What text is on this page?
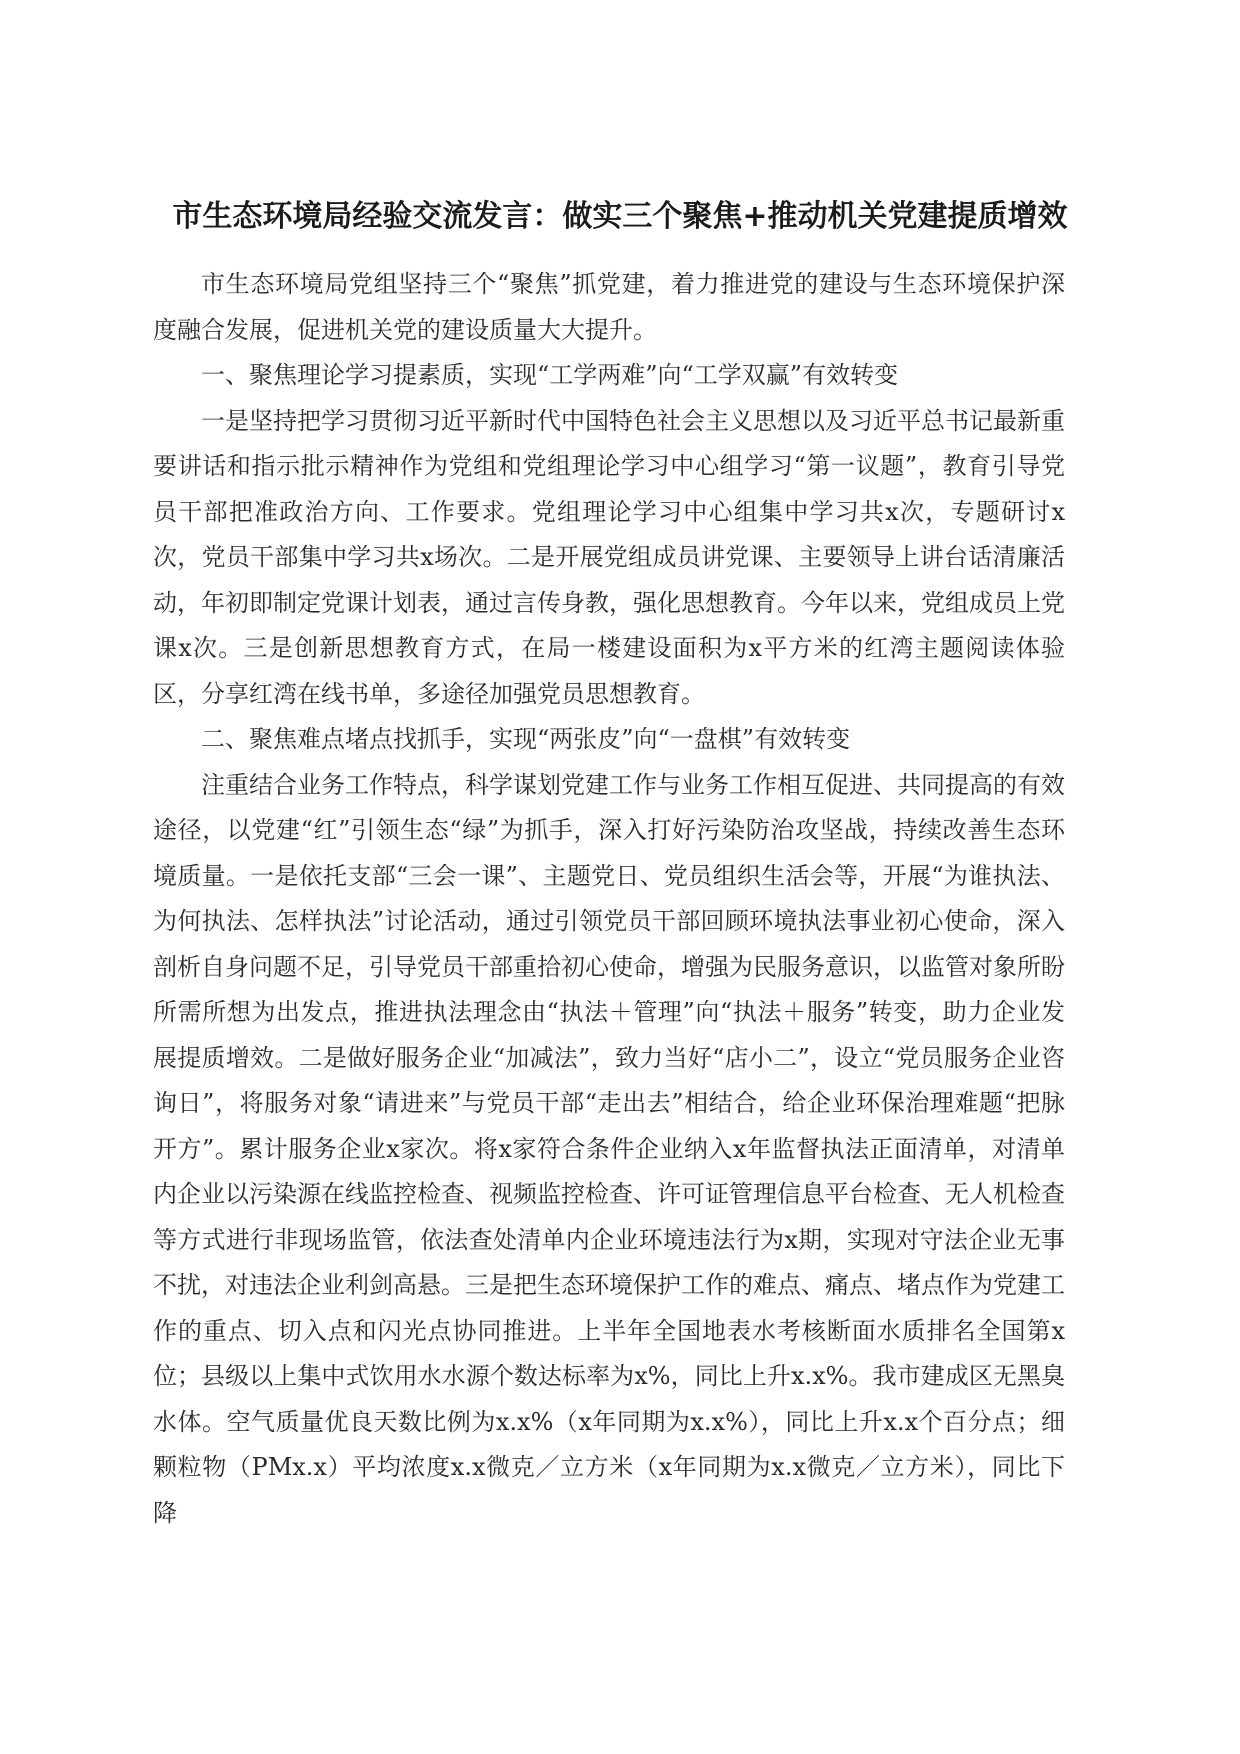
市生态环境局经验交流发言：做实三个聚焦+推动机关党建提质增效

市生态环境局党组坚持三个“聚焦”抓党建，着力推进党的建设与生态环境保护深度融合发展，促进机关党的建设质量大大提升。

一、聚焦理论学习提素质，实现“工学两难”向“工学双赢”有效转变

一是坚持把学习贯彻习近平新时代中国特色社会主义思想以及习近平总书记最新重要讲话和指示批示精神作为党组和党组理论学习中心组学习“第一议题”，教育引导党员干部把准政治方向、工作要求。党组理论学习中心组集中学习共x次，专题研讨x次，党员干部集中学习共x场次。二是开展党组成员讲党课、主要领导上讲台话清廉活动，年初即制定党课计划表，通过言传身教，强化思想教育。今年以来，党组成员上党课x次。三是创新思想教育方式，在局一楼建设面积为x平方米的红湾主题阅读体验区，分享红湾在线书单，多途径加强党员思想教育。

二、聚焦难点堵点找抓手，实现“两张皮”向“一盘棋”有效转变

注重结合业务工作特点，科学谋划党建工作与业务工作相互促进、共同提高的有效途径，以党建“红”引领生态“绿”为抓手，深入打好污染防治攻坚战，持续改善生态环境质量。一是依托支部“三会一课”、主题党日、党员组织生活会等，开展“为谁执法、为何执法、怎样执法”讨论活动，通过引领党员干部回顾环境执法事业初心使命，深入剖析自身问题不足，引导党员干部重拾初心使命，增强为民服务意识，以监管对象所盼所需所想为出发点，推进执法理念由“执法＋管理”向“执法＋服务”转变，助力企业发展提质增效。二是做好服务企业“加减法”，致力当好“店小二”，设立“党员服务企业咨询日”，将服务对象“请进来”与党员干部“走出去”相结合，给企业环保治理难题“把脉开方”。累计服务企业x家次。将x家符合条件企业纳入x年监督执法正面清单，对清单内企业以污染源在线监控检查、视频监控检查、许可证管理信息平台检查、无人机检查等方式进行非现场监管，依法查处清单内企业环境违法行为x期，实现对守法企业无事不扰，对违法企业利剑高悬。三是把生态环境保护工作的难点、痛点、堵点作为党建工作的重点、切入点和闪光点协同推进。上半年全国地表水考核断面水质排名全国第x位；县级以上集中式饮用水水源个数达标率为x%，同比上升x.x%。我市建成区无黑臭水体。空气质量优良天数比例为x.x%（x年同期为x.x%），同比上升x.x个百分点；细颗粒物（PMx.x）平均浓度x.x微克／立方米（x年同期为x.x微克／立方米），同比下降
